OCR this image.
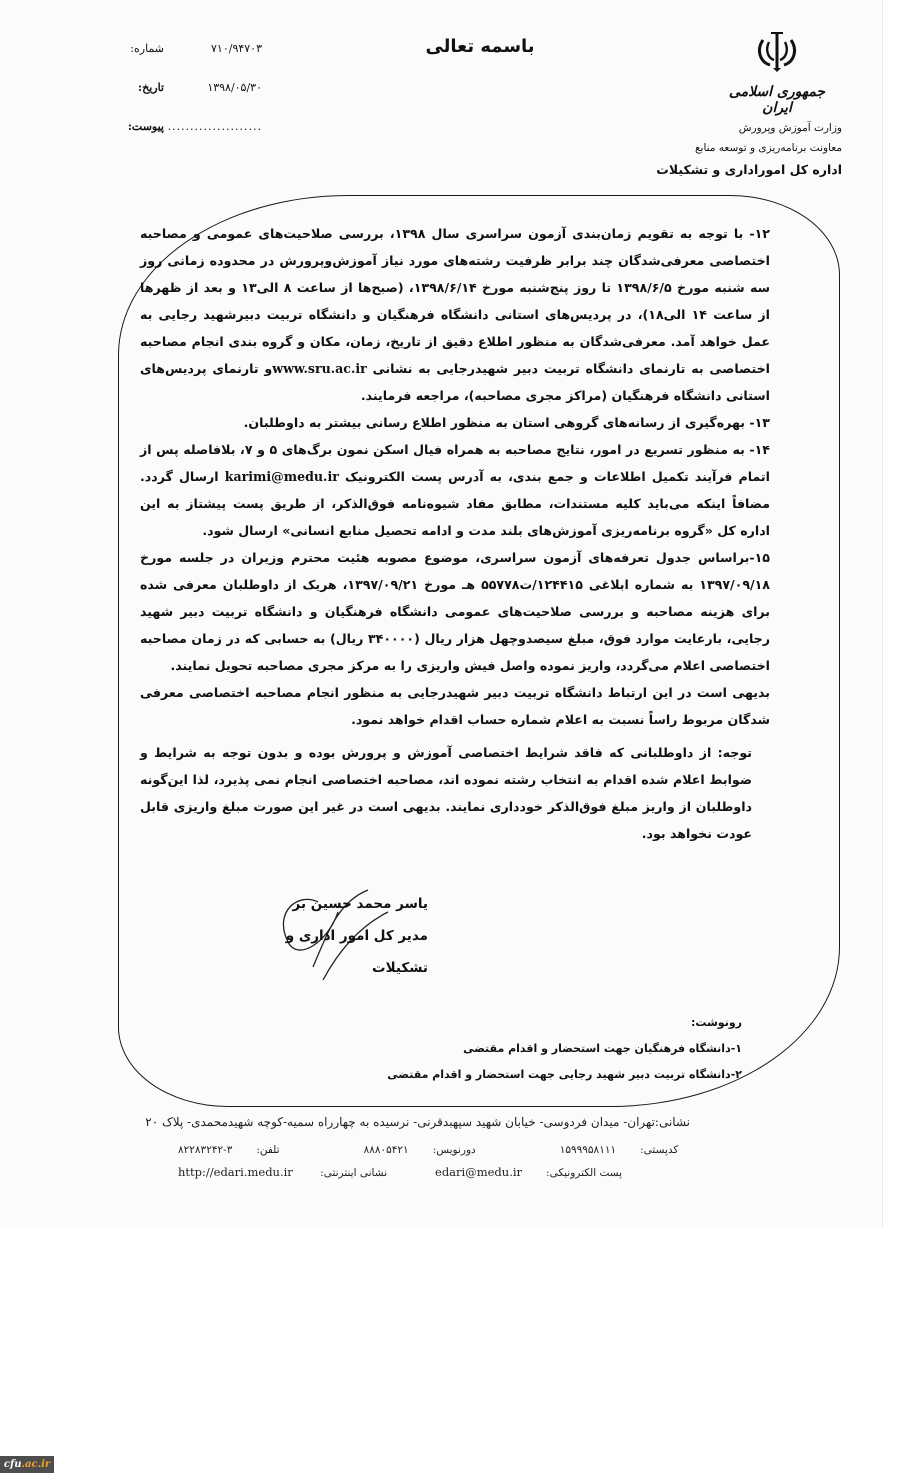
جمهوری اسلامی ایران
وزارت آموزش وپرورش
معاونت برنامه‌ریزی و توسعه منابع
اداره کل اموراداری و تشکیلات
باسمه تعالی
شماره:	۷۱۰/۹۴۷۰۳
تاریخ:	۱۳۹۸/۰۵/۳۰
پیوست: .....................

۱۲- با توجه به تقویم زمان‌بندی آزمون سراسری سال ۱۳۹۸، بررسی صلاحیت‌های عمومی و مصاحبه اختصاصی معرفی‌شدگان چند برابر ظرفیت رشته‌های مورد نیاز آموزش‌وپرورش در محدوده زمانی روز سه شنبه مورخ ۱۳۹۸/۶/۵ تا روز پنج‌شنبه مورخ ۱۳۹۸/۶/۱۴، (صبح‌ها از ساعت ۸ الی۱۳ و بعد از ظهرها از ساعت ۱۴ الی۱۸)، در پردیس‌های استانی دانشگاه فرهنگیان و دانشگاه تربیت دبیرشهید رجایی به عمل خواهد آمد. معرفی‌شدگان به منظور اطلاع دقیق از تاریخ، زمان، مکان و گروه بندی انجام مصاحبه اختصاصی به تارنمای دانشگاه تربیت دبیر شهیدرجایی به نشانی www.sru.ac.irو تارنمای پردیس‌های استانی دانشگاه فرهنگیان (مراکز مجری مصاحبه)، مراجعه فرمایند.

۱۳- بهره‌گیری از رسانه‌های گروهی استان به منظور اطلاع رسانی بیشتر به داوطلبان.

۱۴- به منظور تسریع در امور، نتایج مصاحبه به همراه فیال اسکن نمون برگ‌های ۵ و ۷، بلافاصله پس از اتمام فرآیند تکمیل اطلاعات و جمع بندی، به آدرس پست الکترونیک karimi@medu.ir ارسال گردد. مضافاً اینکه می‌باید کلیه مستندات، مطابق مفاد شیوه‌نامه فوق‌الذکر، از طریق پست پیشتاز به این اداره کل «گروه برنامه‌ریزی آموزش‌های بلند مدت و ادامه تحصیل منابع انسانی» ارسال شود.

۱۵-براساس جدول تعرفه‌های آزمون سراسری، موضوع مصوبه هئیت محترم وزیران در جلسه مورخ ۱۳۹۷/۰۹/۱۸ به شماره ابلاغی ۱۲۴۴۱۵/ت۵۵۷۷۸ هـ مورخ ۱۳۹۷/۰۹/۲۱، هریک از داوطلبان معرفی شده برای هزینه مصاحبه و بررسی صلاحیت‌های عمومی دانشگاه فرهنگیان و دانشگاه تربیت دبیر شهید رجایی، بارعایت موارد فوق، مبلغ سیصدوچهل هزار ریال (۳۴۰۰۰۰ ریال) به حسابی که در زمان مصاحبه اختصاصی اعلام می‌گردد، واریز نموده واصل فیش واریزی را به مرکز مجری مصاحبه تحویل نمایند.

بدیهی است در این ارتباط دانشگاه تربیت دبیر شهیدرجایی به منظور انجام مصاحبه اختصاصی معرفی شدگان مربوط راساً نسبت به اعلام شماره حساب اقدام خواهد نمود.

توجه: از داوطلبانی که فاقد شرایط اختصاصی آموزش و پرورش بوده و بدون توجه به شرایط و ضوابط اعلام شده اقدام به انتخاب رشته نموده اند، مصاحبه اختصاصی انجام نمی پذیرد، لذا این‌گونه داوطلبان از واریز مبلغ فوق‌الذکر خودداری نمایند. بدیهی است در غیر این صورت مبلغ واریزی قابل عودت نخواهد بود.

یاسر محمد حسین بر
مدیر کل امور اداری و تشکیلات
رونوشت:
۱-دانشگاه فرهنگیان جهت استحضار و اقدام مقتضی
۲-دانشگاه تربیت دبیر شهید رجایی جهت استحضار و اقدام مقتضی
نشانی:تهران- میدان فردوسی- خیابان شهید سپهبدقرنی- نرسیده به چهارراه سمیه-کوچه شهیدمحمدی- پلاک ۲۰
تلفن:۳-۸۲۲۸۳۲۴۲	دورنویس:۸۸۸۰۵۴۲۱	کدپستی:۱۵۹۹۹۵۸۱۱۱
نشانی اینترنتی: http://edari.medu.ir	پست الکترونیکی:edari@medu.ir
cfu.ac.ir
